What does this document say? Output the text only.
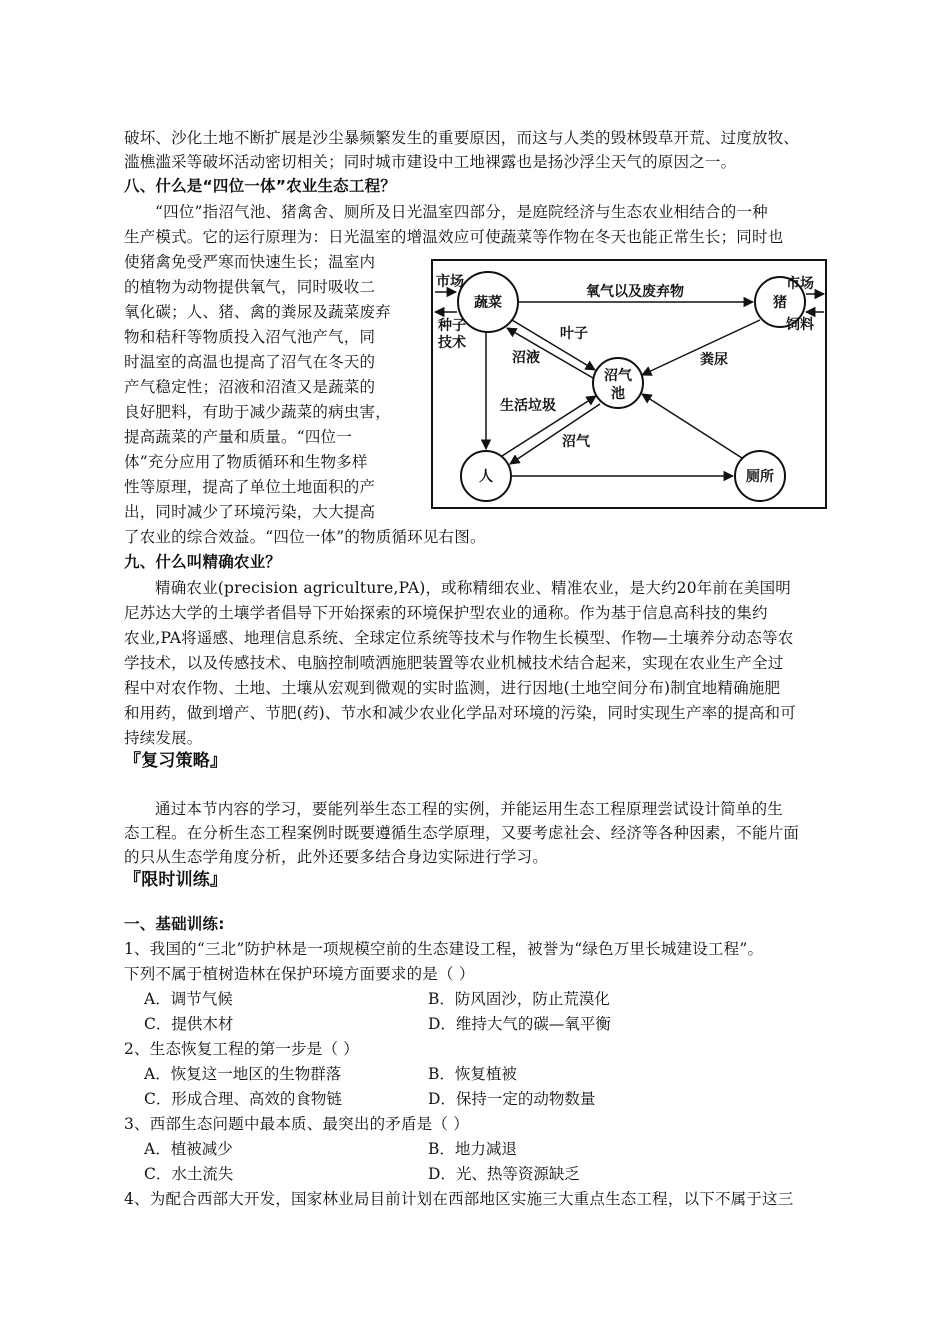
破坏、沙化土地不断扩展是沙尘暴频繁发生的重要原因，而这与人类的毁林毁草开荒、过度放牧、
滥樵滥采等破坏活动密切相关；同时城市建设中工地裸露也是扬沙浮尘天气的原因之一。
八、什么是“四位一体”农业生态工程？
“四位”指沼气池、猪禽舍、厕所及日光温室四部分，是庭院经济与生态农业相结合的一种
生产模式。它的运行原理为：日光温室的增温效应可使蔬菜等作物在冬天也能正常生长；同时也
使猪禽免受严寒而快速生长；温室内
的植物为动物提供氧气，同时吸收二
氧化碳；人、猪、禽的粪尿及蔬菜废弃
物和秸秆等物质投入沼气池产气，同
时温室的高温也提高了沼气在冬天的
产气稳定性；沼液和沼渣又是蔬菜的
良好肥料，有助于减少蔬菜的病虫害，
提高蔬菜的产量和质量。“四位一
体”充分应用了物质循环和生物多样
性等原理，提高了单位土地面积的产
出，同时减少了环境污染，大大提高
了农业的综合效益。“四位一体”的物质循环见右图。
蔬菜	猪
沼气
池
人	厕所
市场
种子
技术
市场
饲料
氧气以及废弃物
叶子
沼液	粪尿
生活垃圾
沼气
九、什么叫精确农业？
精确农业(precision agriculture,PA)，或称精细农业、精准农业，是大约20年前在美国明
尼苏达大学的土壤学者倡导下开始探索的环境保护型农业的通称。作为基于信息高科技的集约
农业,PA将遥感、地理信息系统、全球定位系统等技术与作物生长模型、作物—土壤养分动态等农
学技术，以及传感技术、电脑控制喷洒施肥装置等农业机械技术结合起来，实现在农业生产全过
程中对农作物、土地、土壤从宏观到微观的实时监测，进行因地(土地空间分布)制宜地精确施肥
和用药，做到增产、节肥(药)、节水和减少农业化学品对环境的污染，同时实现生产率的提高和可
持续发展。
『复习策略』
通过本节内容的学习，要能列举生态工程的实例，并能运用生态工程原理尝试设计简单的生
态工程。在分析生态工程案例时既要遵循生态学原理，又要考虑社会、经济等各种因素，不能片面
的只从生态学角度分析，此外还要多结合身边实际进行学习。
『限时训练』
一、基础训练:
1、我国的“三北”防护林是一项规模空前的生态建设工程，被誉为“绿色万里长城建设工程”。
下列不属于植树造林在保护环境方面要求的是（ ）
A．调节气候	B．防风固沙，防止荒漠化
C．提供木材	D．维持大气的碳—氧平衡
2、生态恢复工程的第一步是（ ）
A．恢复这一地区的生物群落	B．恢复植被
C．形成合理、高效的食物链	D．保持一定的动物数量
3、西部生态问题中最本质、最突出的矛盾是（ ）
A．植被减少	B．地力减退
C．水土流失	D．光、热等资源缺乏
4、为配合西部大开发，国家林业局目前计划在西部地区实施三大重点生态工程，以下不属于这三
